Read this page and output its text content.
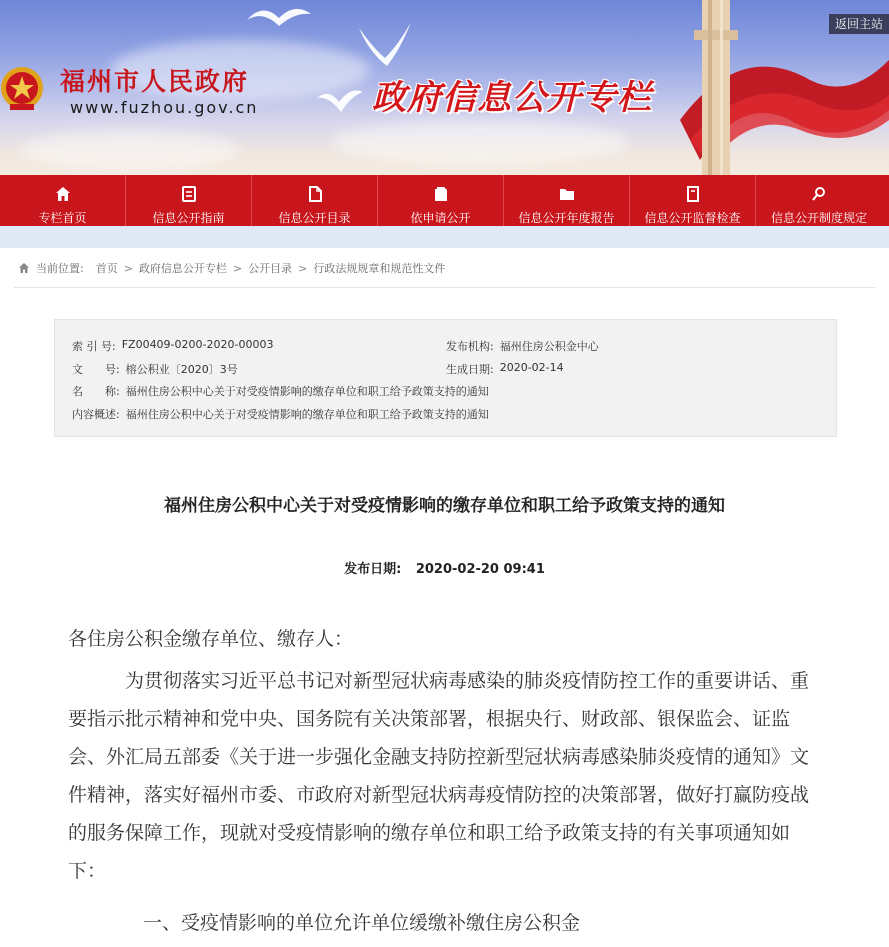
福州市人民政府
www.fuzhou.gov.cn	政府信息公开专栏
返回主站
专栏首页	信息公开指南	信息公开目录	依申请公开	信息公开年度报告 信息公开监督检查	信息公开制度规定
当前位置: 首页 > 政府信息公开专栏 > 公开目录 > 行政法规规章和规范性文件
索 引 号: FZ00409-0200-2020-00003	发布机构: 福州住房公积金中心
文　　号: 榕公积业〔2020〕3号	生成日期: 2020-02-14
名　　称: 福州住房公积中心关于对受疫情影响的缴存单位和职工给予政策支持的通知
内容概述: 福州住房公积中心关于对受疫情影响的缴存单位和职工给予政策支持的通知
福州住房公积中心关于对受疫情影响的缴存单位和职工给予政策支持的通知
发布日期: 2020-02-20 09:41
各住房公积金缴存单位、缴存人：

为贯彻落实习近平总书记对新型冠状病毒感染的肺炎疫情防控工作的重要讲话、重要指示批示精神和党中央、国务院有关决策部署，根据央行、财政部、银保监会、证监会、外汇局五部委《关于进一步强化金融支持防控新型冠状病毒感染肺炎疫情的通知》文件精神，落实好福州市委、市政府对新型冠状病毒疫情防控的决策部署，做好打赢防疫战的服务保障工作，现就对受疫情影响的缴存单位和职工给予政策支持的有关事项通知如下：

一、受疫情影响的单位允许单位缓缴补缴住房公积金
